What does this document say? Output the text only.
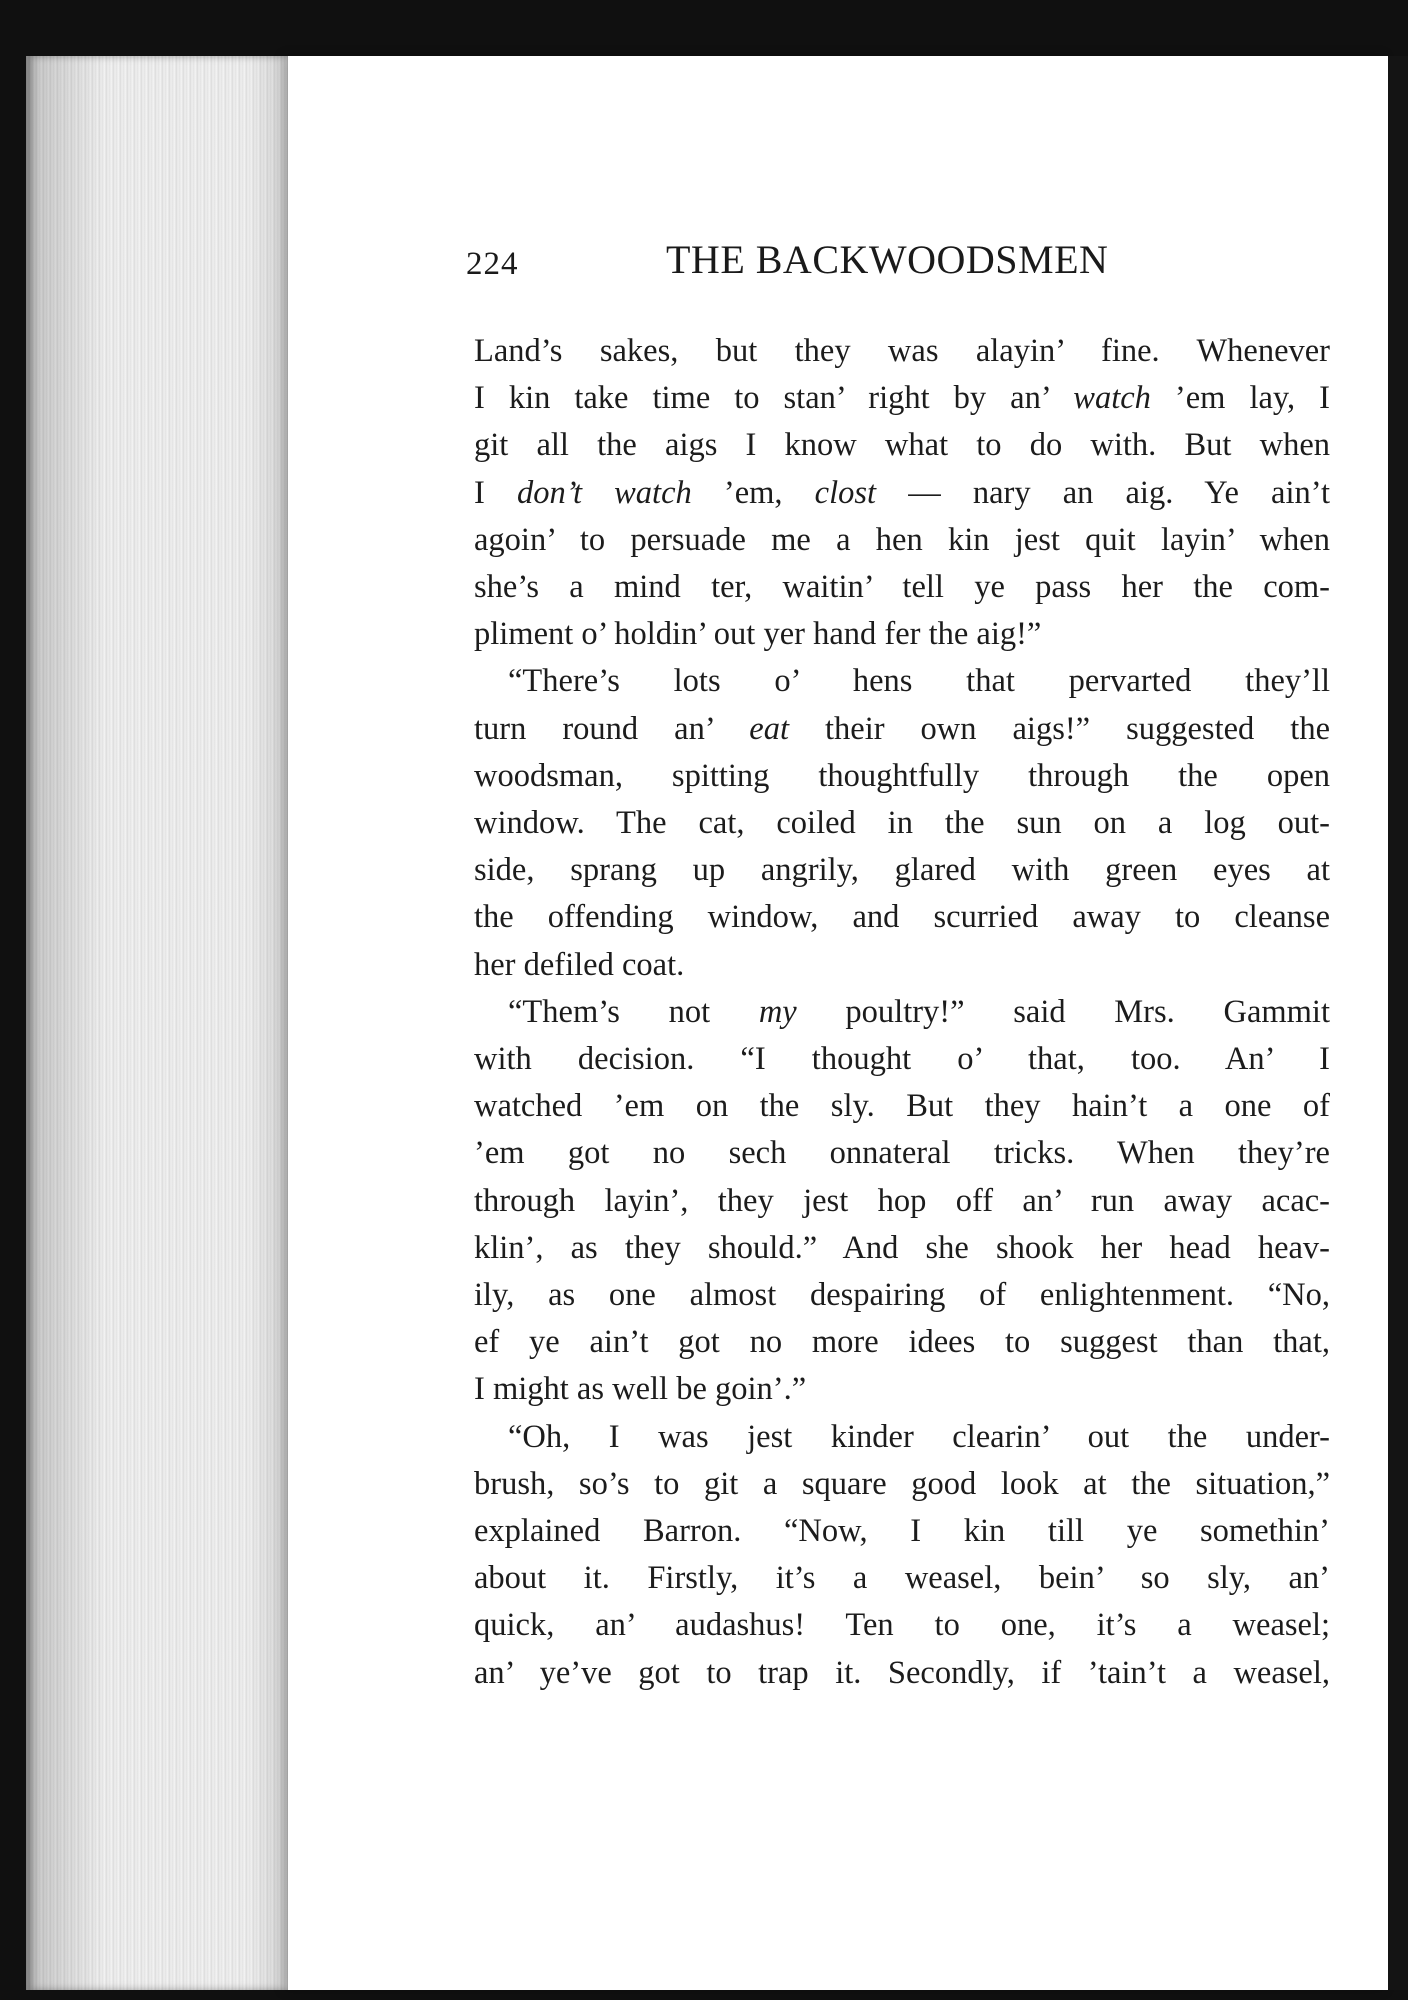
224	THE BACKWOODSMEN
Land’s sakes, but they was alayin’ fine. Whenever
I kin take time to stan’ right by an’ watch ’em lay, I
git all the aigs I know what to do with. But when
I don’t watch ’em, clost — nary an aig. Ye ain’t
agoin’ to persuade me a hen kin jest quit layin’ when
she’s a mind ter, waitin’ tell ye pass her the com-
pliment o’ holdin’ out yer hand fer the aig!”
“There’s lots o’ hens that pervarted they’ll
turn round an’ eat their own aigs!” suggested the
woodsman, spitting thoughtfully through the open
window. The cat, coiled in the sun on a log out-
side, sprang up angrily, glared with green eyes at
the offending window, and scurried away to cleanse
her defiled coat.
“Them’s not my poultry!” said Mrs. Gammit
with decision. “I thought o’ that, too. An’ I
watched ’em on the sly. But they hain’t a one of
’em got no sech onnateral tricks. When they’re
through layin’, they jest hop off an’ run away acac-
klin’, as they should.” And she shook her head heav-
ily, as one almost despairing of enlightenment. “No,
ef ye ain’t got no more idees to suggest than that,
I might as well be goin’.”
“Oh, I was jest kinder clearin’ out the under-
brush, so’s to git a square good look at the situation,”
explained Barron. “Now, I kin till ye somethin’
about it. Firstly, it’s a weasel, bein’ so sly, an’
quick, an’ audashus! Ten to one, it’s a weasel;
an’ ye’ve got to trap it. Secondly, if ’tain’t a weasel,
